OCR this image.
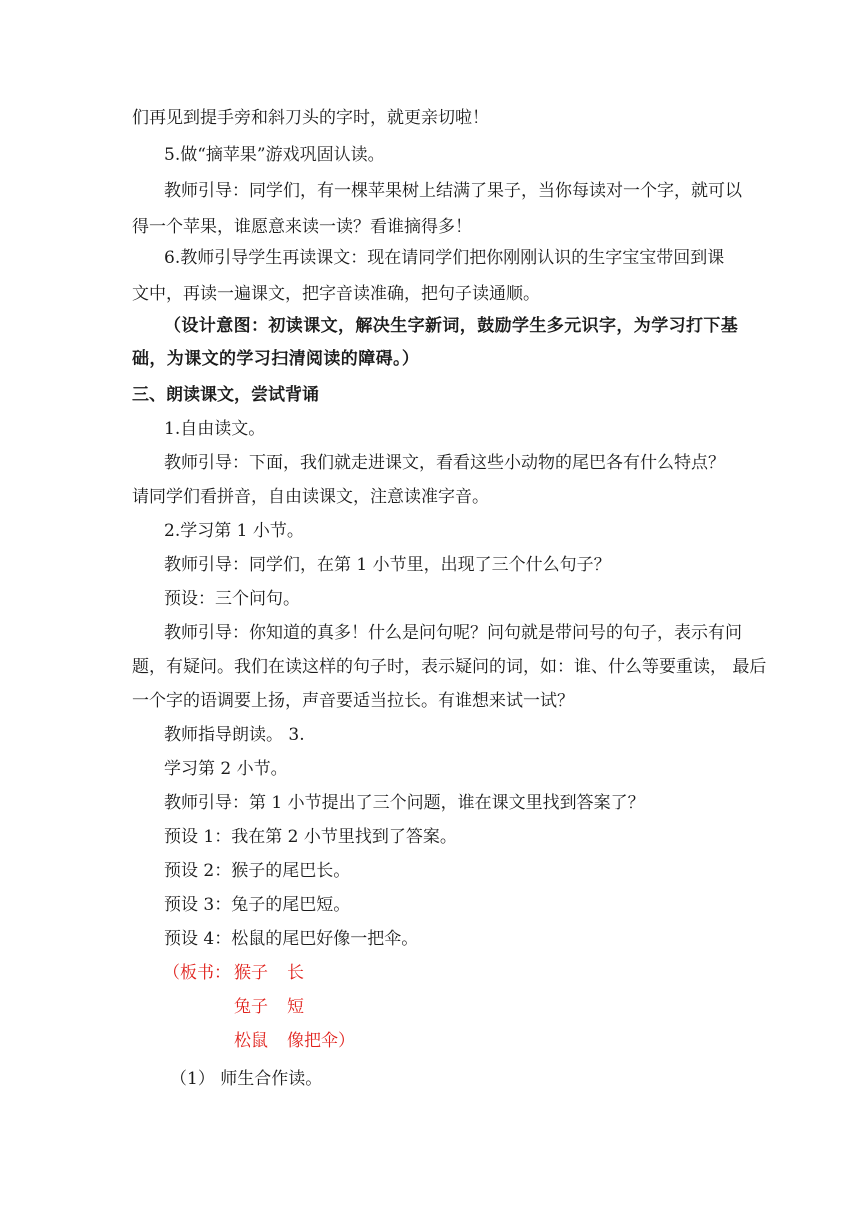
们再见到提手旁和斜刀头的字时，就更亲切啦！
5.做“摘苹果”游戏巩固认读。
教师引导：同学们，有一棵苹果树上结满了果子，当你每读对一个字，就可以
得一个苹果，谁愿意来读一读？看谁摘得多！
6.教师引导学生再读课文：现在请同学们把你刚刚认识的生字宝宝带回到课
文中，再读一遍课文，把字音读准确，把句子读通顺。
（设计意图：初读课文，解决生字新词，鼓励学生多元识字，为学习打下基
础，为课文的学习扫清阅读的障碍。）
三、朗读课文，尝试背诵
1.自由读文。
教师引导：下面，我们就走进课文，看看这些小动物的尾巴各有什么特点？
请同学们看拼音，自由读课文，注意读准字音。
2.学习第 1 小节。
教师引导：同学们，在第 1 小节里，出现了三个什么句子？
预设：三个问句。
教师引导：你知道的真多！什么是问句呢？问句就是带问号的句子，表示有问
题，有疑问。我们在读这样的句子时，表示疑问的词，如：谁、什么等要重读， 最后
一个字的语调要上扬，声音要适当拉长。有谁想来试一试？
教师指导朗读。 3.
学习第 2 小节。
教师引导：第 1 小节提出了三个问题，谁在课文里找到答案了？
预设 1：我在第 2 小节里找到了答案。
预设 2：猴子的尾巴长。
预设 3：兔子的尾巴短。
预设 4：松鼠的尾巴好像一把伞。
（板书： 猴子 长
兔子 短
松鼠 像把伞）
（1） 师生合作读。
